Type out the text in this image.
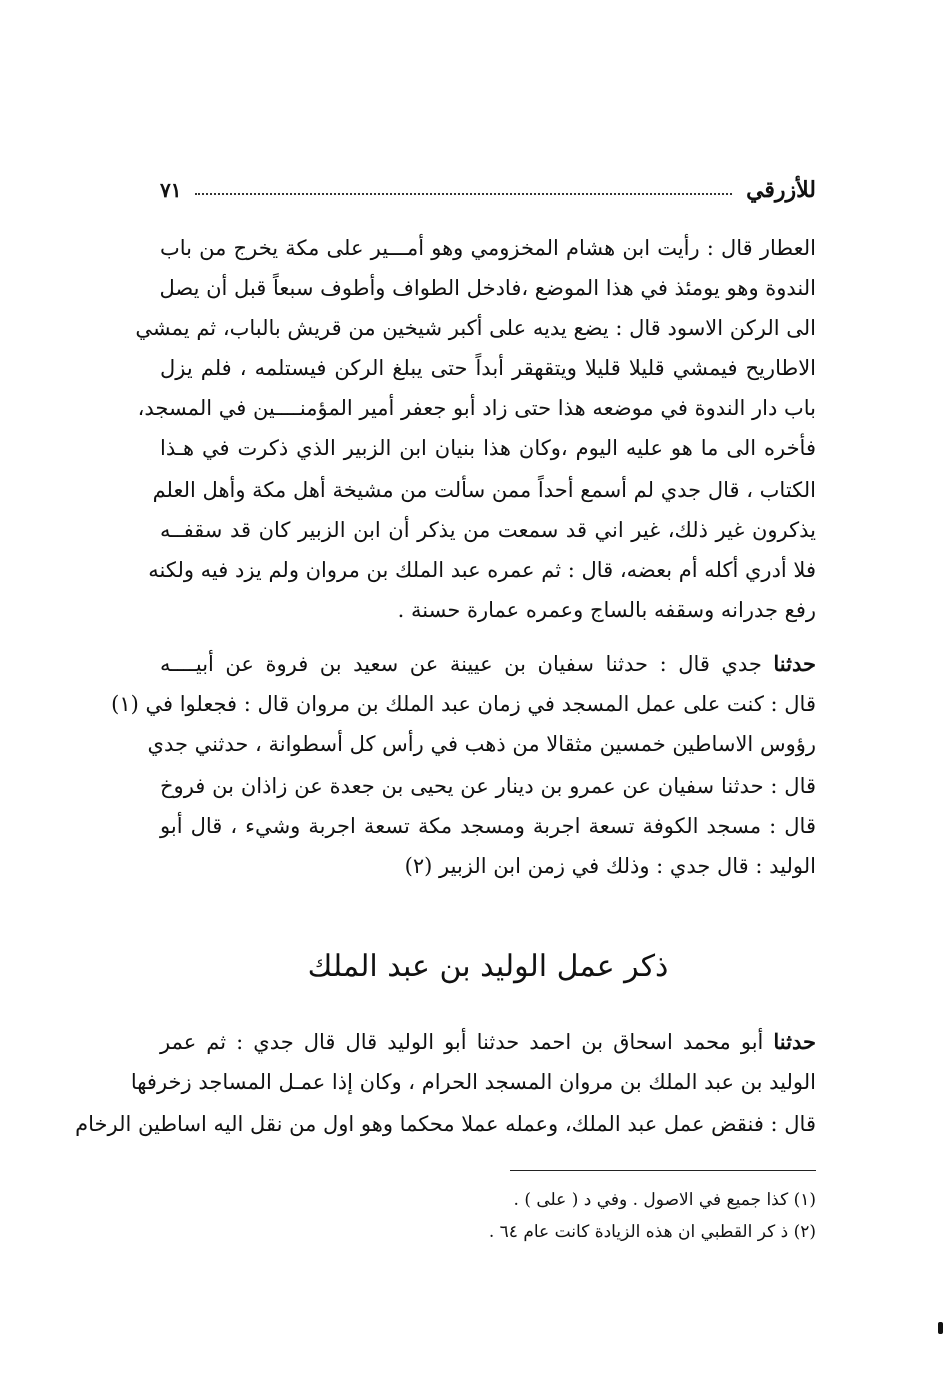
للأزرقي
٧١
العطار قال : رأيت ابن هشام المخزومي وهو أمـــير على مكة يخرج من باب
الندوة وهو يومئذ في هذا الموضع ،فادخل الطواف وأطوف سبعاً قبل أن يصل
الى الركن الاسود قال : يضع يديه على أكبر شيخين من قريش بالباب، ثم يمشي
الاطاريح فيمشي قليلا قليلا ويتقهقر أبداً حتى يبلغ الركن فيستلمه ، فلم يزل
باب دار الندوة في موضعه هذا حتى زاد أبو جعفر أمير المؤمنــــين في المسجد،
فأخره الى ما هو عليه اليوم ،وكان هذا بنيان ابن الزبير الذي ذكرت في هـذا
الكتاب ، قال جدي لم أسمع أحداً ممن سألت من مشيخة أهل مكة وأهل العلم
يذكرون غير ذلك، غير اني قد سمعت من يذكر أن ابن الزبير كان قد سقفــه
فلا أدري أكله أم بعضه، قال : ثم عمره عبد الملك بن مروان ولم يزد فيه ولكنه
رفع جدرانه وسقفه بالساج وعمره عمارة حسنة .
حدثنا جدي قال : حدثنا سفيان بن عيينة عن سعيد بن فروة عن أبيــــه
قال : كنت على عمل المسجد في زمان عبد الملك بن مروان قال : فجعلوا في (١)
رؤوس الاساطين خمسين مثقالا من ذهب في رأس كل أسطوانة ، حدثني جدي
قال : حدثنا سفيان عن عمرو بن دينار عن يحيى بن جعدة عن زاذان بن فروخ
قال : مسجد الكوفة تسعة اجربة ومسجد مكة تسعة اجربة وشيء ، قال أبو
الوليد : قال جدي : وذلك في زمن ابن الزبير (٢)
ذكر عمل الوليد بن عبد الملك
حدثنا أبو محمد اسحاق بن احمد حدثنا أبو الوليد قال قال جدي : ثم عمر
الوليد بن عبد الملك بن مروان المسجد الحرام ، وكان إذا عمـل المساجد زخرفها
قال : فنقض عمل عبد الملك، وعمله عملا محكما وهو اول من نقل اليه اساطين الرخام
(١) كذا جميع في الاصول . وفي د ( على ) .
(٢) ذ كر القطبي ان هذه الزيادة كانت عام ٦٤ .
